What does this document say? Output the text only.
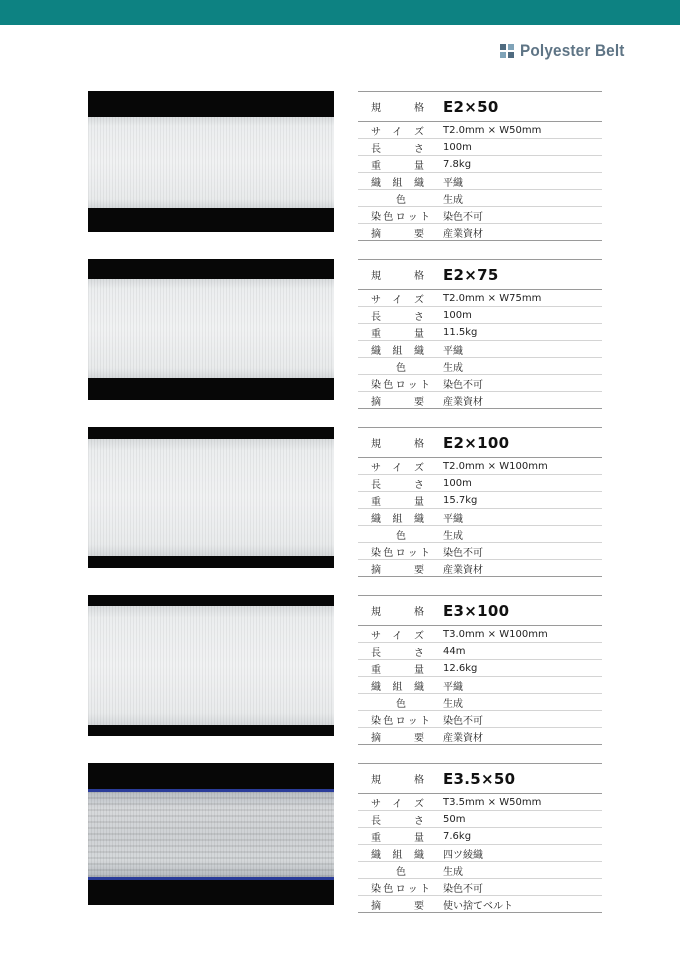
Polyester Belt
規　格	E2×50
サイズ	T2.0mm × W50mm
長　さ	100m
重　量	7.8kg
織組織	平織
色	生成
染色ロット	染色不可
摘　要	産業資材
規　格	E2×75
サイズ	T2.0mm × W75mm
長　さ	100m
重　量	11.5kg
織組織	平織
色	生成
染色ロット	染色不可
摘　要	産業資材
規　格	E2×100
サイズ	T2.0mm × W100mm
長　さ	100m
重　量	15.7kg
織組織	平織
色	生成
染色ロット	染色不可
摘　要	産業資材
規　格	E3×100
サイズ	T3.0mm × W100mm
長　さ	44m
重　量	12.6kg
織組織	平織
色	生成
染色ロット	染色不可
摘　要	産業資材
規　格	E3.5×50
サイズ	T3.5mm × W50mm
長　さ	50m
重　量	7.6kg
織組織	四ツ綾織
色	生成
染色ロット	染色不可
摘　要	使い捨てベルト
